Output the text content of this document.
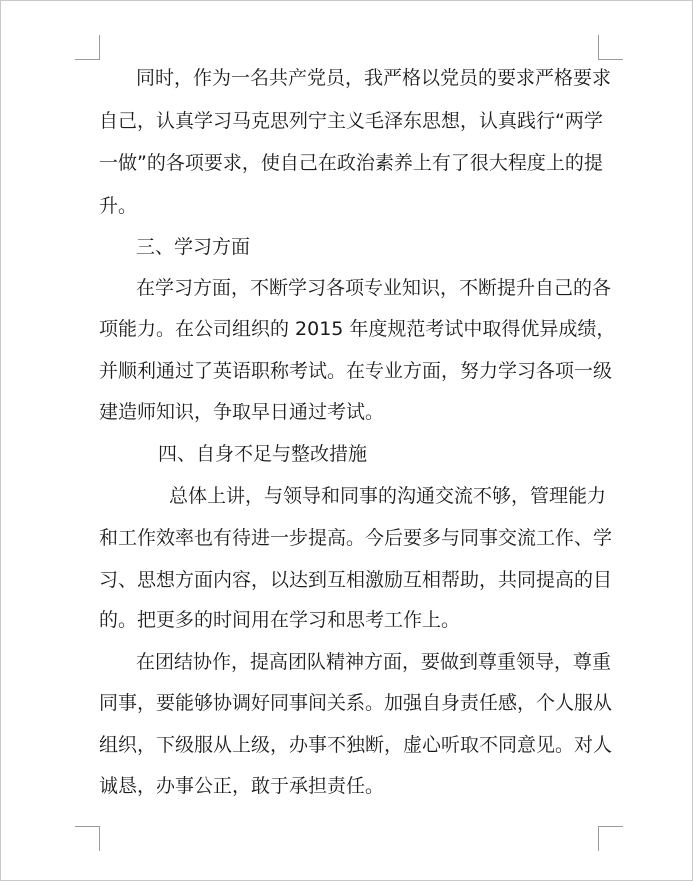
同时，作为一名共产党员，我严格以党员的要求严格要求

自己，认真学习马克思列宁主义毛泽东思想，认真践行“两学

一做”的各项要求，使自己在政治素养上有了很大程度上的提

升。

三、学习方面

在学习方面，不断学习各项专业知识，不断提升自己的各

项能力。在公司组织的 2015 年度规范考试中取得优异成绩，

并顺利通过了英语职称考试。在专业方面，努力学习各项一级

建造师知识，争取早日通过考试。

四、自身不足与整改措施

总体上讲，与领导和同事的沟通交流不够，管理能力

和工作效率也有待进一步提高。今后要多与同事交流工作、学

习、思想方面内容，以达到互相激励互相帮助，共同提高的目

的。把更多的时间用在学习和思考工作上。

在团结协作，提高团队精神方面，要做到尊重领导，尊重

同事，要能够协调好同事间关系。加强自身责任感，个人服从

组织，下级服从上级，办事不独断，虚心听取不同意见。对人

诚恳，办事公正，敢于承担责任。
